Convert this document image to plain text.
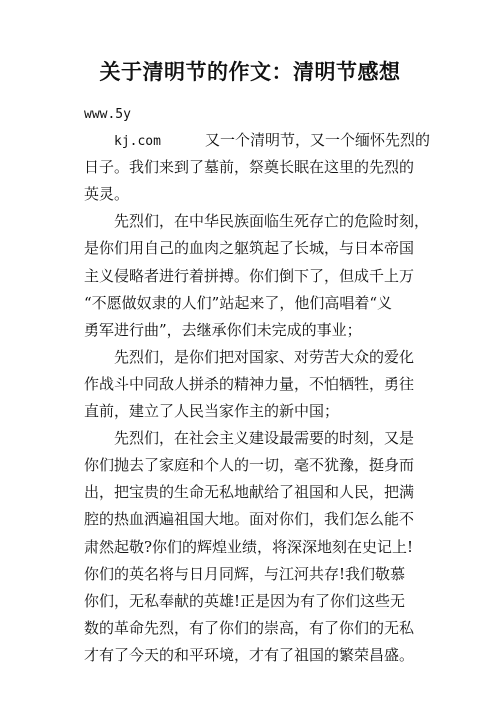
关于清明节的作文：清明节感想
www.5y
kj.com	又一个清明节，又一个缅怀先烈的
日子。我们来到了墓前，祭奠长眠在这里的先烈的
英灵。
先烈们，在中华民族面临生死存亡的危险时刻，
是你们用自己的血肉之躯筑起了长城，与日本帝国
主义侵略者进行着拼搏。你们倒下了，但成千上万
“不愿做奴隶的人们”站起来了，他们高唱着“义
勇军进行曲”，去继承你们未完成的事业；
先烈们，是你们把对国家、对劳苦大众的爱化
作战斗中同敌人拼杀的精神力量，不怕牺牲，勇往
直前，建立了人民当家作主的新中国；
先烈们，在社会主义建设最需要的时刻，又是
你们抛去了家庭和个人的一切，毫不犹豫，挺身而
出，把宝贵的生命无私地献给了祖国和人民，把满
腔的热血洒遍祖国大地。面对你们，我们怎么能不
肃然起敬?你们的辉煌业绩，将深深地刻在史记上!
你们的英名将与日月同辉，与江河共存!我们敬慕
你们，无私奉献的英雄!正是因为有了你们这些无
数的革命先烈，有了你们的崇高，有了你们的无私
才有了今天的和平环境，才有了祖国的繁荣昌盛。
